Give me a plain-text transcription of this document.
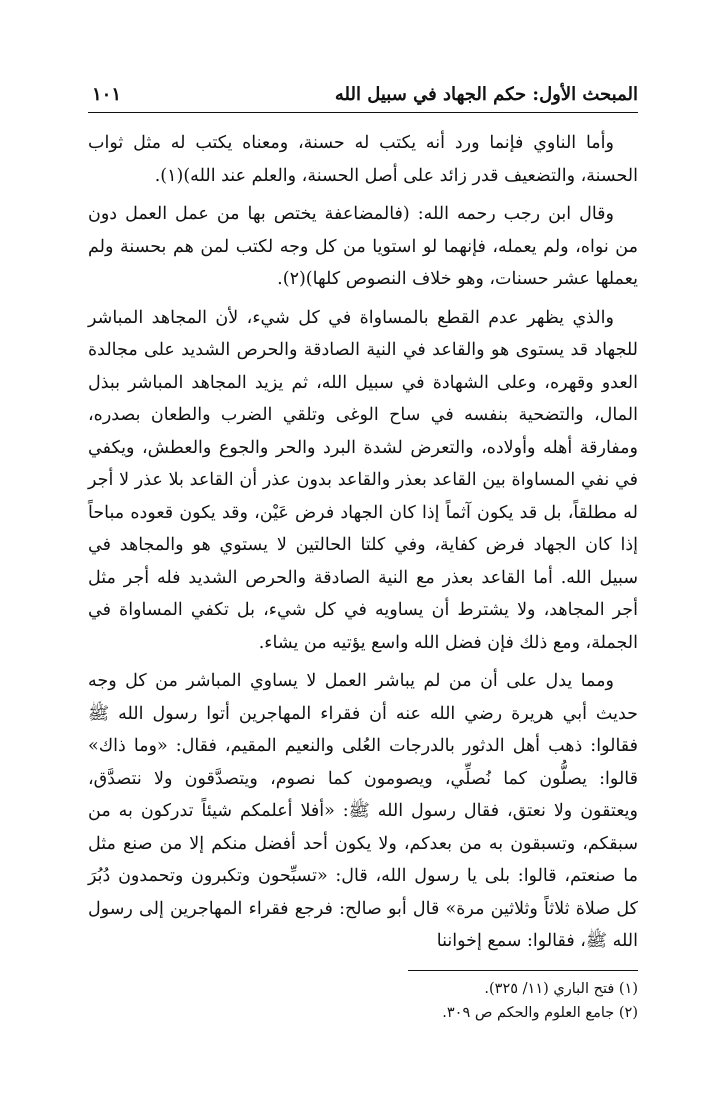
المبحث الأول: حكم الجهاد في سبيل الله
١٠١

وأما الناوي فإنما ورد أنه يكتب له حسنة، ومعناه يكتب له مثل ثواب الحسنة، والتضعيف قدر زائد على أصل الحسنة، والعلم عند الله)(١).

وقال ابن رجب رحمه الله: (فالمضاعفة يختص بها من عمل العمل دون من نواه، ولم يعمله، فإنهما لو استويا من كل وجه لكتب لمن هم بحسنة ولم يعملها عشر حسنات، وهو خلاف النصوص كلها)(٢).

والذي يظهر عدم القطع بالمساواة في كل شيء، لأن المجاهد المباشر للجهاد قد يستوى هو والقاعد في النية الصادقة والحرص الشديد على مجالدة العدو وقهره، وعلى الشهادة في سبيل الله، ثم يزيد المجاهد المباشر ببذل المال، والتضحية بنفسه في ساح الوغى وتلقي الضرب والطعان بصدره، ومفارقة أهله وأولاده، والتعرض لشدة البرد والحر والجوع والعطش، ويكفي في نفي المساواة بين القاعد بعذر والقاعد بدون عذر أن القاعد بلا عذر لا أجر له مطلقاً، بل قد يكون آثماً إذا كان الجهاد فرض عَيْن، وقد يكون قعوده مباحاً إذا كان الجهاد فرض كفاية، وفي كلتا الحالتين لا يستوي هو والمجاهد في سبيل الله. أما القاعد بعذر مع النية الصادقة والحرص الشديد فله أجر مثل أجر المجاهد، ولا يشترط أن يساويه في كل شيء، بل تكفي المساواة في الجملة، ومع ذلك فإن فضل الله واسع يؤتيه من يشاء.

ومما يدل على أن من لم يباشر العمل لا يساوي المباشر من كل وجه حديث أبي هريرة رضي الله عنه أن فقراء المهاجرين أتوا رسول الله ﷺ فقالوا: ذهب أهل الدثور بالدرجات العُلى والنعيم المقيم، فقال: «وما ذاك» قالوا: يصلُّون كما نُصلِّي، ويصومون كما نصوم، ويتصدَّقون ولا نتصدَّق، ويعتقون ولا نعتق، فقال رسول الله ﷺ: «أفلا أعلمكم شيئاً تدركون به من سبقكم، وتسبقون به من بعدكم، ولا يكون أحد أفضل منكم إلا من صنع مثل ما صنعتم، قالوا: بلى يا رسول الله، قال: «تسبِّحون وتكبرون وتحمدون دُبُرَ كل صلاة ثلاثاً وثلاثين مرة» قال أبو صالح: فرجع فقراء المهاجرين إلى رسول الله ﷺ، فقالوا: سمع إخواننا

(١) فتح الباري (١١/ ٣٢٥).
(٢) جامع العلوم والحكم ص ٣٠٩.
